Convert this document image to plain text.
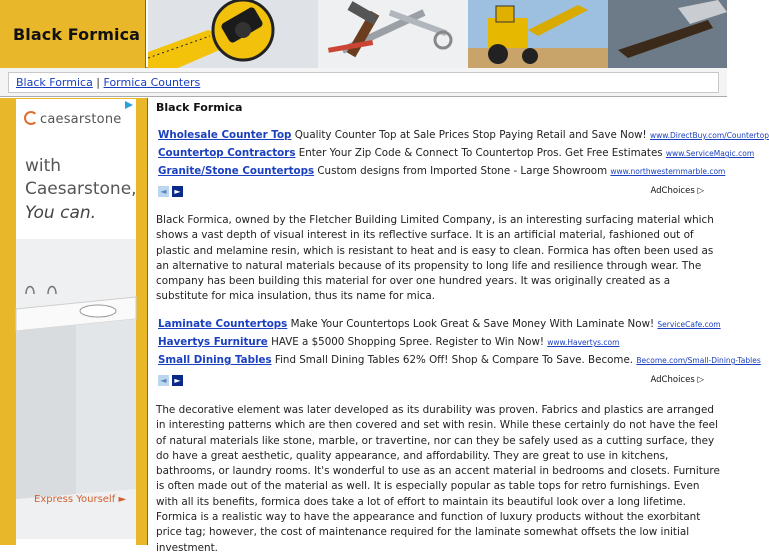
Black Formica
Black Formica | Formica Counters
caesarstone
with
Caesarstone,
You can.
Express Yourself ►
Black Formica
Wholesale Counter Top Quality Counter Top at Sale Prices Stop Paying Retail and Save Now! www.DirectBuy.com/Countertop
Countertop Contractors Enter Your Zip Code & Connect To Countertop Pros. Get Free Estimates www.ServiceMagic.com
Granite/Stone Countertops Custom designs from Imported Stone - Large Showroom www.northwesternmarble.com
◄ ►	AdChoices ▷
Black Formica, owned by the Fletcher Building Limited Company, is an interesting surfacing material which shows a vast depth of visual interest in its reflective surface. It is an artificial material, fashioned out of plastic and melamine resin, which is resistant to heat and is easy to clean. Formica has often been used as an alternative to natural materials because of its propensity to long life and resilience through wear. The company has been building this material for over one hundred years. It was originally created as a substitute for mica insulation, thus its name for mica.
Laminate Countertops Make Your Countertops Look Great & Save Money With Laminate Now! ServiceCafe.com
Havertys Furniture HAVE a $5000 Shopping Spree. Register to Win Now! www.Havertys.com
Small Dining Tables Find Small Dining Tables 62% Off! Shop & Compare To Save. Become. Become.com/Small-Dining-Tables
◄ ►	AdChoices ▷
The decorative element was later developed as its durability was proven. Fabrics and plastics are arranged in interesting patterns which are then covered and set with resin. While these certainly do not have the feel of natural materials like stone, marble, or travertine, nor can they be safely used as a cutting surface, they do have a great aesthetic, quality appearance, and affordability. They are great to use in kitchens, bathrooms, or laundry rooms. It's wonderful to use as an accent material in bedrooms and closets. Furniture is often made out of the material as well. It is especially popular as table tops for retro furnishings. Even with all its benefits, formica does take a lot of effort to maintain its beautiful look over a long lifetime. Formica is a realistic way to have the appearance and function of luxury products without the exorbitant price tag; however, the cost of maintenance required for the laminate somewhat offsets the low initial investment.
